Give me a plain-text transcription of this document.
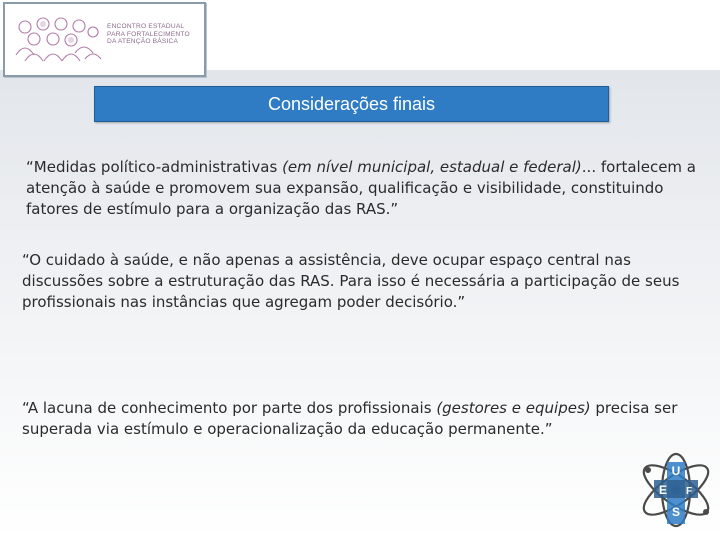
ENCONTRO ESTADUAL
PARA FORTALECIMENTO
DA ATENÇÃO BÁSICA
Considerações finais
“Medidas político-administrativas (em nível municipal, estadual e federal)... fortalecem a atenção à saúde e promovem sua expansão, qualificação e visibilidade, constituindo fatores de estímulo para a organização das RAS.”
“O cuidado à saúde, e não apenas a assistência, deve ocupar espaço central nas discussões sobre a estruturação das RAS. Para isso é necessária a participação de seus profissionais nas instâncias que agregam poder decisório.”
“A lacuna de conhecimento por parte dos profissionais (gestores e equipes) precisa ser superada via estímulo e operacionalização da educação permanente.”
U
E F
S
